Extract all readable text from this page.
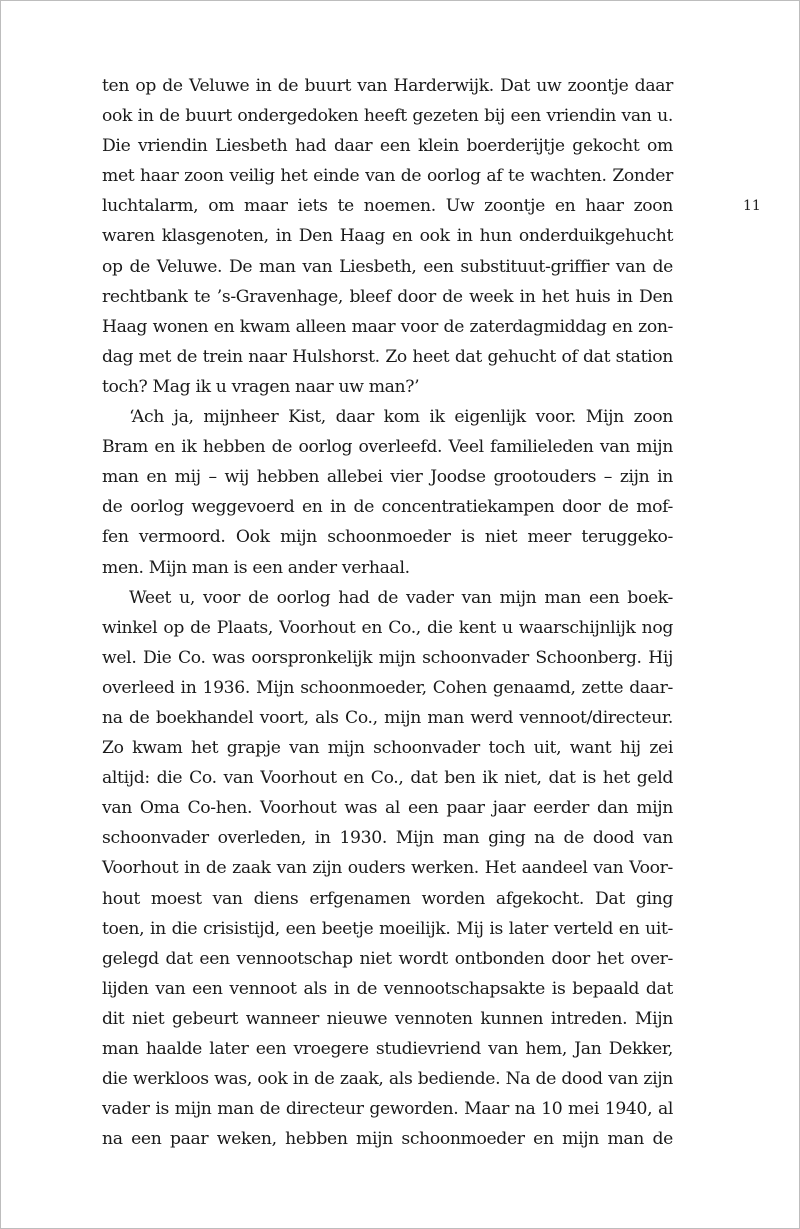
11
ten op de Veluwe in de buurt van Harderwijk. Dat uw zoontje daar
ook in de buurt ondergedoken heeft gezeten bij een vriendin van u.
Die vriendin Liesbeth had daar een klein boerderijtje gekocht om
met haar zoon veilig het einde van de oorlog af te wachten. Zonder
luchtalarm, om maar iets te noemen. Uw zoontje en haar zoon
waren klasgenoten, in Den Haag en ook in hun onderduikgehucht
op de Veluwe. De man van Liesbeth, een substituut-griffier van de
rechtbank te ’s-Gravenhage, bleef door de week in het huis in Den
Haag wonen en kwam alleen maar voor de zaterdagmiddag en zon-
dag met de trein naar Hulshorst. Zo heet dat gehucht of dat station
toch? Mag ik u vragen naar uw man?’
‘Ach ja, mijnheer Kist, daar kom ik eigenlijk voor. Mijn zoon
Bram en ik hebben de oorlog overleefd. Veel familieleden van mijn
man en mij – wij hebben allebei vier Joodse grootouders – zijn in
de oorlog weggevoerd en in de concentratiekampen door de mof-
fen vermoord. Ook mijn schoonmoeder is niet meer teruggeko-
men. Mijn man is een ander verhaal.
Weet u, voor de oorlog had de vader van mijn man een boek-
winkel op de Plaats, Voorhout en Co., die kent u waarschijnlijk nog
wel. Die Co. was oorspronkelijk mijn schoonvader Schoonberg. Hij
overleed in 1936. Mijn schoonmoeder, Cohen genaamd, zette daar-
na de boekhandel voort, als Co., mijn man werd vennoot/directeur.
Zo kwam het grapje van mijn schoonvader toch uit, want hij zei
altijd: die Co. van Voorhout en Co., dat ben ik niet, dat is het geld
van Oma Co-hen. Voorhout was al een paar jaar eerder dan mijn
schoonvader overleden, in 1930. Mijn man ging na de dood van
Voorhout in de zaak van zijn ouders werken. Het aandeel van Voor-
hout moest van diens erfgenamen worden afgekocht. Dat ging
toen, in die crisistijd, een beetje moeilijk. Mij is later verteld en uit-
gelegd dat een vennootschap niet wordt ontbonden door het over-
lijden van een vennoot als in de vennootschapsakte is bepaald dat
dit niet gebeurt wanneer nieuwe vennoten kunnen intreden. Mijn
man haalde later een vroegere studievriend van hem, Jan Dekker,
die werkloos was, ook in de zaak, als bediende. Na de dood van zijn
vader is mijn man de directeur geworden. Maar na 10 mei 1940, al
na een paar weken, hebben mijn schoonmoeder en mijn man de
